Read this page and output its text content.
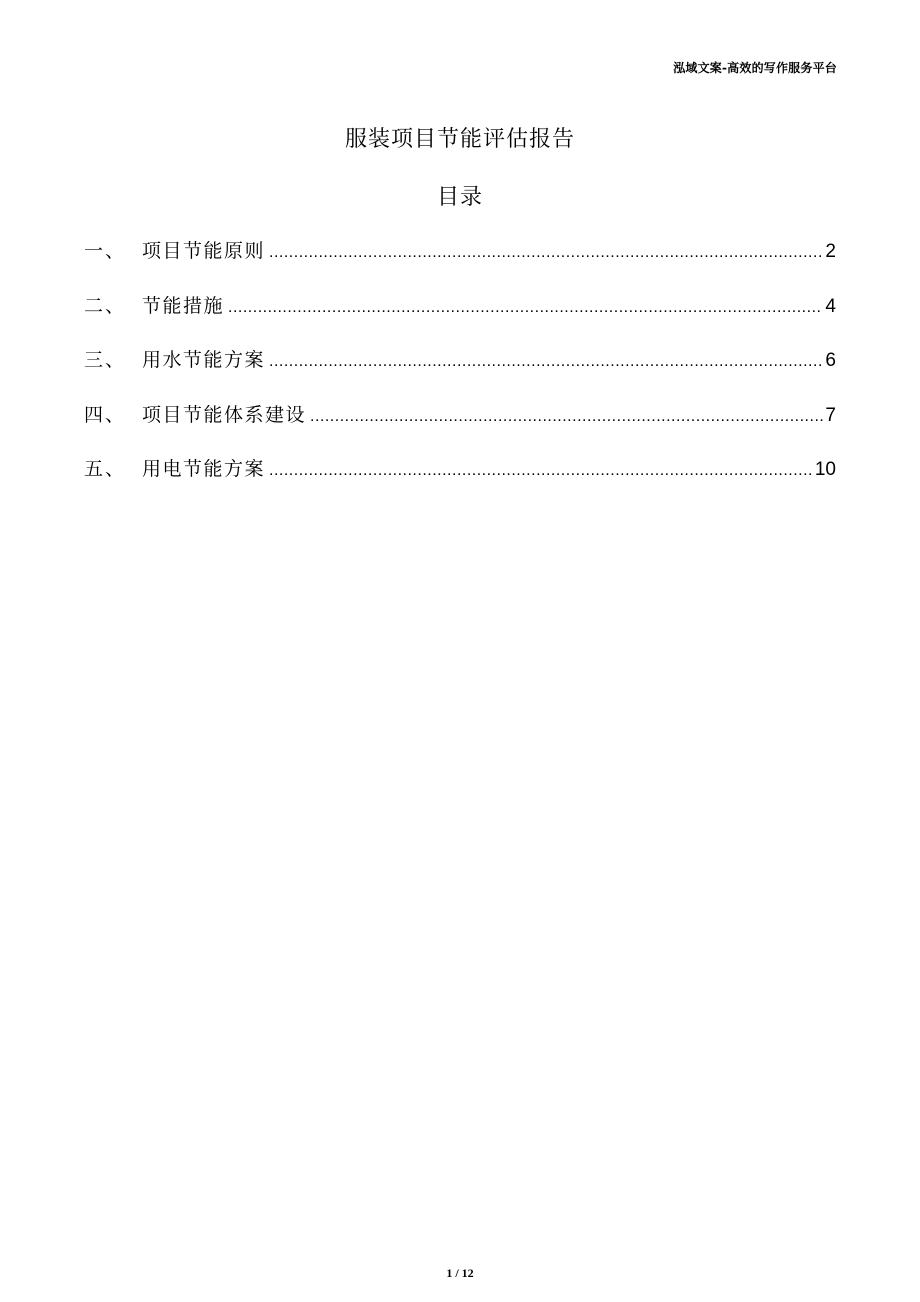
泓域文案-高效的写作服务平台
服装项目节能评估报告
目录
一、 项目节能原则 .....	2
二、 节能措施 .....	4
三、 用水节能方案 .....	6
四、 项目节能体系建设 .....	7
五、 用电节能方案 .....	10
1 / 12
